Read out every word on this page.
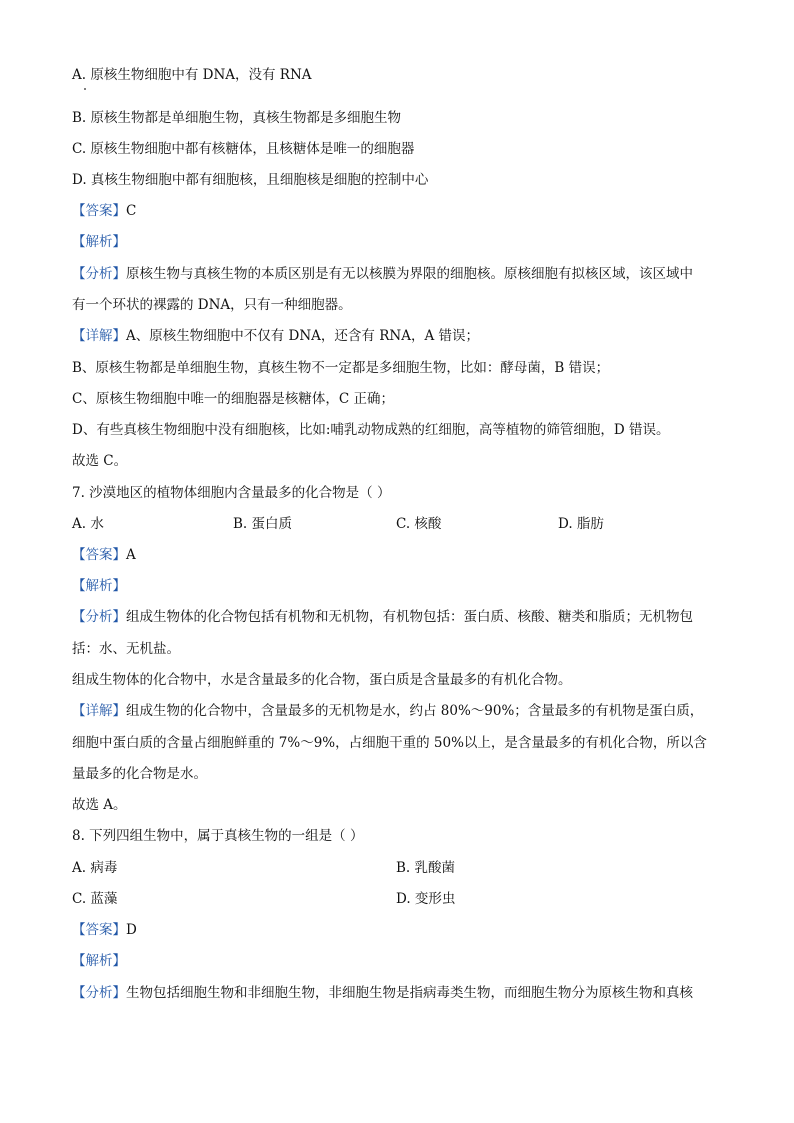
A. 原核生物细胞中有 DNA，没有 RNA

B. 原核生物都是单细胞生物，真核生物都是多细胞生物

C. 原核生物细胞中都有核糖体，且核糖体是唯一的细胞器

D. 真核生物细胞中都有细胞核，且细胞核是细胞的控制中心

【答案】C

【解析】

【分析】原核生物与真核生物的本质区别是有无以核膜为界限的细胞核。原核细胞有拟核区域，该区域中

有一个环状的裸露的 DNA，只有一种细胞器。

【详解】A、原核生物细胞中不仅有 DNA，还含有 RNA，A 错误；

B、原核生物都是单细胞生物，真核生物不一定都是多细胞生物，比如：酵母菌，B 错误；

C、原核生物细胞中唯一的细胞器是核糖体，C 正确；

D、有些真核生物细胞中没有细胞核，比如:哺乳动物成熟的红细胞，高等植物的筛管细胞，D 错误。

故选 C。

7. 沙漠地区的植物体细胞内含量最多的化合物是（ ）

A. 水	B. 蛋白质	C. 核酸	D. 脂肪

【答案】A

【解析】

【分析】组成生物体的化合物包括有机物和无机物，有机物包括：蛋白质、核酸、糖类和脂质；无机物包

括：水、无机盐。

组成生物体的化合物中，水是含量最多的化合物，蛋白质是含量最多的有机化合物。

【详解】组成生物的化合物中，含量最多的无机物是水，约占 80%～90%；含量最多的有机物是蛋白质，

细胞中蛋白质的含量占细胞鲜重的 7%～9%，占细胞干重的 50%以上，是含量最多的有机化合物，所以含

量最多的化合物是水。

故选 A。

8. 下列四组生物中，属于真核生物的一组是（ ）

A. 病毒	B. 乳酸菌
C. 蓝藻	D. 变形虫

【答案】D

【解析】

【分析】生物包括细胞生物和非细胞生物，非细胞生物是指病毒类生物，而细胞生物分为原核生物和真核
